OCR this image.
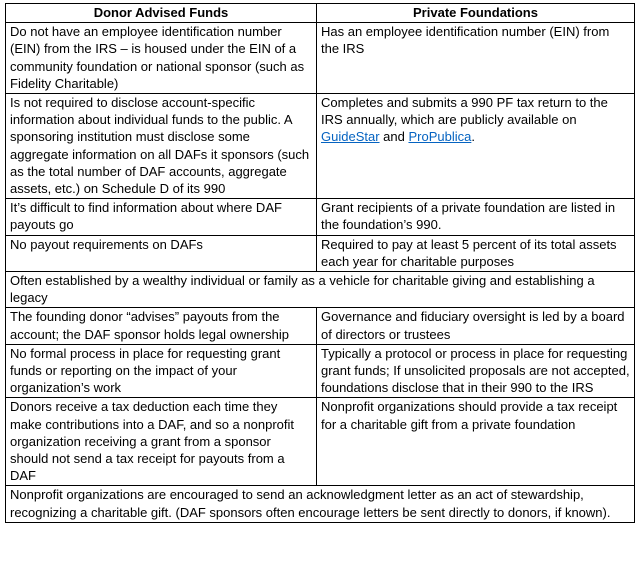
Donor Advised Funds	Private Foundations
Do not have an employee identification number (EIN) from the IRS – is housed under the EIN of a community foundation or national sponsor (such as Fidelity Charitable)	Has an employee identification number (EIN) from the IRS
Is not required to disclose account-specific information about individual funds to the public. A sponsoring institution must disclose some aggregate information on all DAFs it sponsors (such as the total number of DAF accounts, aggregate assets, etc.) on Schedule D of its 990	Completes and submits a 990 PF tax return to the IRS annually, which are publicly available on GuideStar and ProPublica.
It’s difficult to find information about where DAF payouts go	Grant recipients of a private foundation are listed in the foundation’s 990.
No payout requirements on DAFs	Required to pay at least 5 percent of its total assets each year for charitable purposes
Often established by a wealthy individual or family as a vehicle for charitable giving and establishing a legacy	
The founding donor “advises” payouts from the account; the DAF sponsor holds legal ownership	Governance and fiduciary oversight is led by a board of directors or trustees
No formal process in place for requesting grant funds or reporting on the impact of your organization’s work	Typically a protocol or process in place for requesting grant funds; If unsolicited proposals are not accepted, foundations disclose that in their 990 to the IRS
Donors receive a tax deduction each time they make contributions into a DAF, and so a nonprofit organization receiving a grant from a sponsor should not send a tax receipt for payouts from a DAF	Nonprofit organizations should provide a tax receipt for a charitable gift from a private foundation
Nonprofit organizations are encouraged to send an acknowledgment letter as an act of stewardship, recognizing a charitable gift. (DAF sponsors often encourage letters be sent directly to donors, if known).	
